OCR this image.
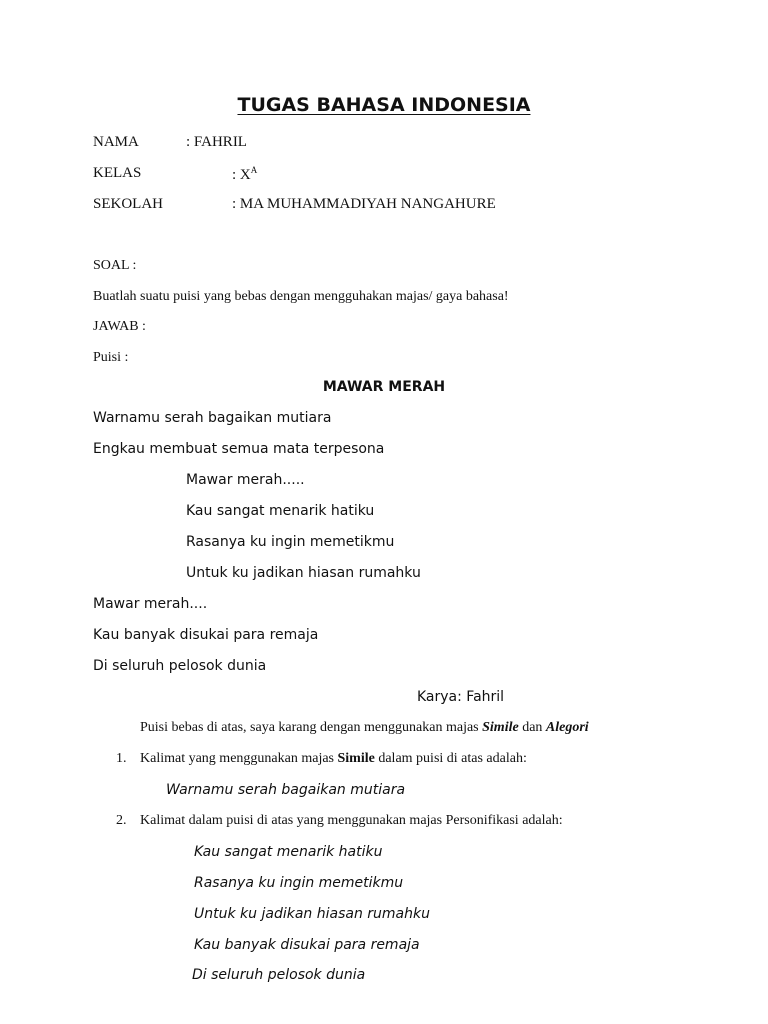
TUGAS BAHASA INDONESIA
NAMA	: FAHRIL
KELAS	: $X^A$
SEKOLAH	: MA MUHAMMADIYAH NANGAHURE
SOAL :
Buatlah suatu puisi yang bebas dengan mengguhakan majas/ gaya bahasa!
JAWAB :
Puisi :
MAWAR MERAH
Warnamu serah bagaikan mutiara
Engkau membuat semua mata terpesona
Mawar merah.....
Kau sangat menarik hatiku
Rasanya ku ingin memetikmu
Untuk ku jadikan hiasan rumahku
Mawar merah....
Kau banyak disukai para remaja
Di seluruh pelosok dunia
Karya: Fahril
Puisi bebas di atas, saya karang dengan menggunakan majas Simile dan Alegori
1. Kalimat yang menggunakan majas Simile dalam puisi di atas adalah:
Warnamu serah bagaikan mutiara
2. Kalimat dalam puisi di atas yang menggunakan majas Personifikasi adalah:
Kau sangat menarik hatiku
Rasanya ku ingin memetikmu
Untuk ku jadikan hiasan rumahku
Kau banyak disukai para remaja
Di seluruh pelosok dunia
